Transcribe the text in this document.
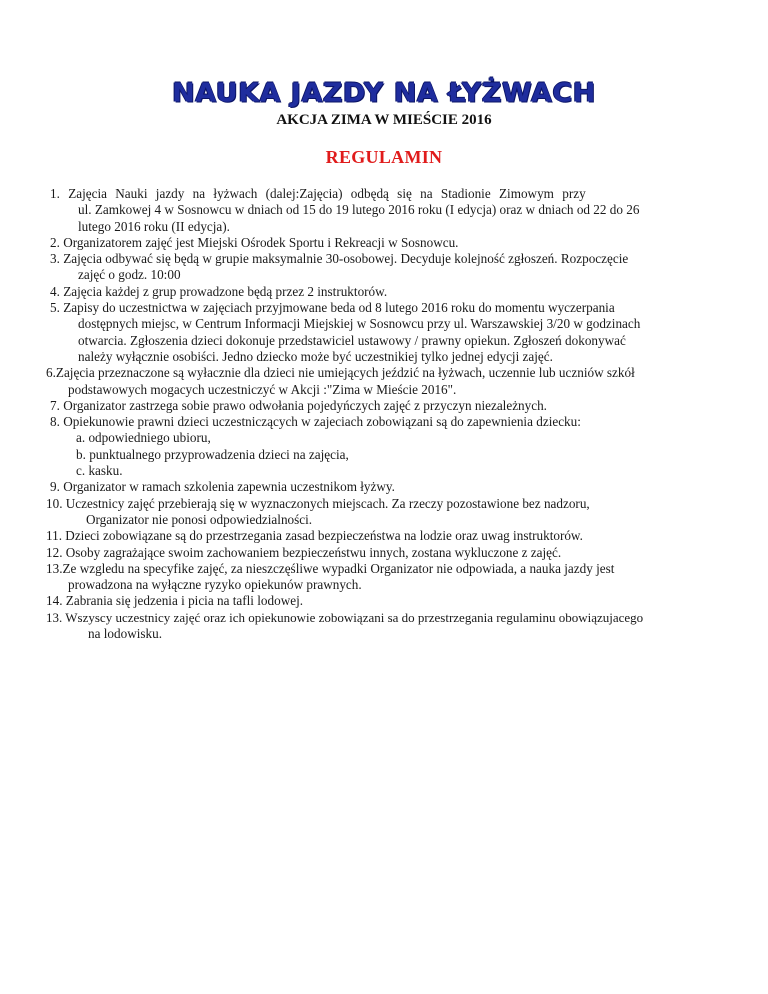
NAUKA JAZDY NA ŁYŻWACH
AKCJA ZIMA W MIEŚCIE 2016
REGULAMIN

1. Zajęcia Nauki jazdy na łyżwach (dalej:Zajęcia) odbędą się na Stadionie Zimowym przy

ul. Zamkowej 4 w Sosnowcu w dniach od 15 do 19 lutego 2016 roku (I edycja) oraz w dniach od 22 do 26

lutego 2016 roku (II edycja).

2. Organizatorem zajęć jest Miejski Ośrodek Sportu i Rekreacji w Sosnowcu.

3. Zajęcia odbywać się będą w grupie maksymalnie 30-osobowej. Decyduje kolejność zgłoszeń. Rozpoczęcie

zajęć o godz. 10:00

4. Zajęcia każdej z grup prowadzone będą przez 2 instruktorów.

5. Zapisy do uczestnictwa w zajęciach przyjmowane beda od 8 lutego 2016 roku do momentu wyczerpania

dostępnych miejsc, w Centrum Informacji Miejskiej w Sosnowcu przy ul. Warszawskiej 3/20 w godzinach

otwarcia. Zgłoszenia dzieci dokonuje przedstawiciel ustawowy / prawny opiekun. Zgłoszeń dokonywać

należy wyłącznie osobiści. Jedno dziecko może być uczestnikiej tylko jednej edycji zajęć.

6.Zajęcia przeznaczone są wyłacznie dla dzieci nie umiejących jeździć na łyżwach, uczennie lub uczniów szkół

podstawowych mogacych uczestniczyć w Akcji :"Zima w Mieście 2016".

7. Organizator zastrzega sobie prawo odwołania pojedyńczych zajęć z przyczyn niezależnych.

8. Opiekunowie prawni dzieci uczestniczących w zajeciach zobowiązani są do zapewnienia dziecku:

a. odpowiedniego ubioru,

b. punktualnego przyprowadzenia dzieci na zajęcia,

c. kasku.

9. Organizator w ramach szkolenia zapewnia uczestnikom łyżwy.

10. Uczestnicy zajęć przebierają się w wyznaczonych miejscach. Za rzeczy pozostawione bez nadzoru,

Organizator nie ponosi odpowiedzialności.

11. Dzieci zobowiązane są do przestrzegania zasad bezpieczeństwa na lodzie oraz uwag instruktorów.

12. Osoby zagrażające swoim zachowaniem bezpieczeństwu innych, zostana wykluczone z zajęć.

13.Ze wzgledu na specyfike zajęć, za nieszczęśliwe wypadki Organizator nie odpowiada, a nauka jazdy jest

prowadzona na wyłączne ryzyko opiekunów prawnych.

14. Zabrania się jedzenia i picia na tafli lodowej.

13. Wszyscy uczestnicy zajęć oraz ich opiekunowie zobowiązani sa do przestrzegania regulaminu obowiązujacego

na lodowisku.
